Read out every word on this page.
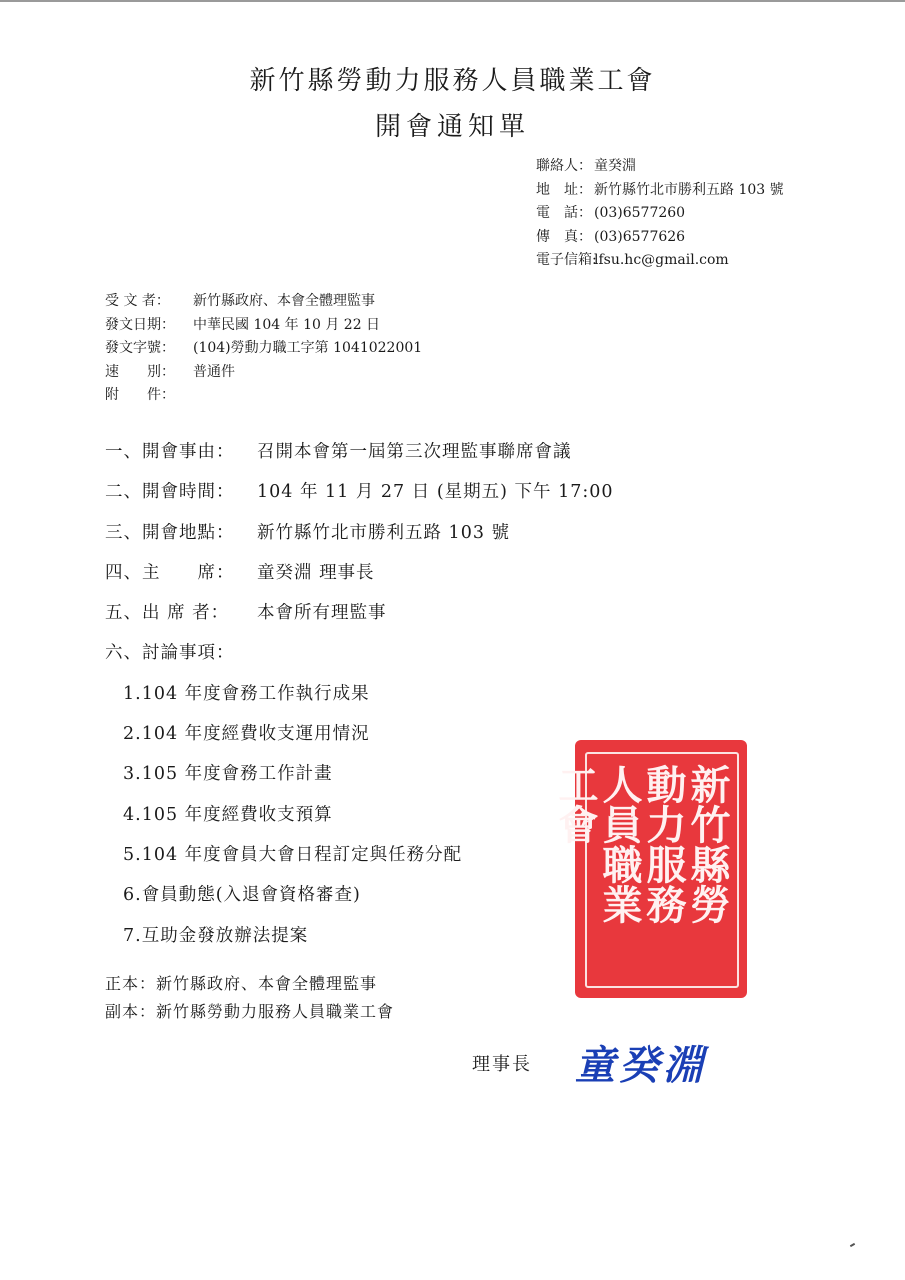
新竹縣勞動力服務人員職業工會
開會通知單
聯絡人： 童癸淵
地　址： 新竹縣竹北市勝利五路 103 號
電　話： (03)6577260
傳　真： (03)6577626
電子信箱:lfsu.hc@gmail.com
受 文 者： 新竹縣政府、本會全體理監事
發文日期： 中華民國 104 年 10 月 22 日
發文字號： (104)勞動力職工字第 1041022001
速　　別： 普通件
附　　件：
一、開會事由： 召開本會第一屆第三次理監事聯席會議
二、開會時間： 104 年 11 月 27 日 (星期五) 下午 17:00
三、開會地點： 新竹縣竹北市勝利五路 103 號
四、主　　席： 童癸淵 理事長
五、出 席 者： 本會所有理監事
六、討論事項：
1.104 年度會務工作執行成果
2.104 年度經費收支運用情況
3.105 年度會務工作計畫
4.105 年度經費收支預算
5.104 年度會員大會日程訂定與任務分配
6.會員動態(入退會資格審查)
7.互助金發放辦法提案
新竹縣勞
動力服務
人員職業
工會
正本：新竹縣政府、本會全體理監事
副本：新竹縣勞動力服務人員職業工會
理事長 童癸淵
